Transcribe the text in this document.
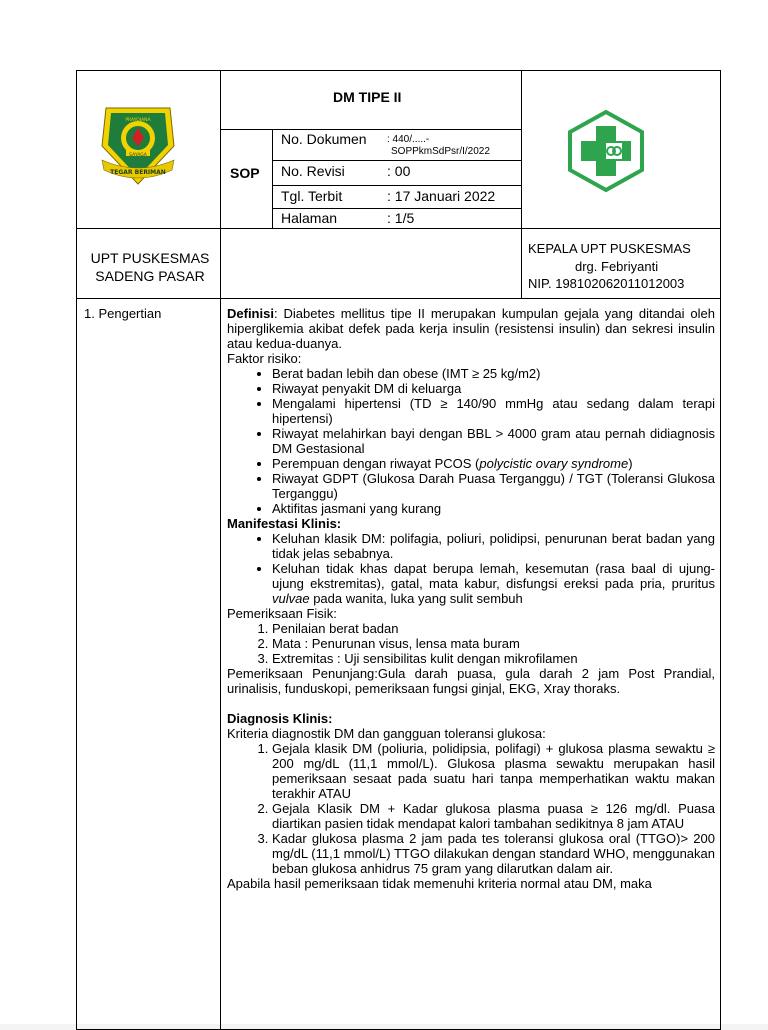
TEGAR BERIMAN
PRAYOJANA
SAYAGA
DM TIPE II
SOP
No. Dokumen : 440/.....-
SOPPkmSdPsr/I/2022
No. Revisi	: 00
Tgl. Terbit	: 17 Januari 2022
Halaman	: 1/5
UPT PUSKESMAS
SADENG PASAR
KEPALA UPT PUSKESMAS
drg. Febriyanti
NIP. 198102062011012003
1. Pengertian	Definisi: Diabetes mellitus tipe II merupakan kumpulan gejala yang ditandai oleh hiperglikemia akibat defek pada kerja insulin (resistensi insulin) dan sekresi insulin atau kedua-duanya.

Faktor risiko:

• Berat badan lebih dan obese (IMT ≥ 25 kg/m2)
• Riwayat penyakit DM di keluarga
• Mengalami hipertensi (TD ≥ 140/90 mmHg atau sedang dalam terapi hipertensi)
• Riwayat melahirkan bayi dengan BBL > 4000 gram atau pernah didiagnosis DM Gestasional
• Perempuan dengan riwayat PCOS (polycistic ovary syndrome)
• Riwayat GDPT (Glukosa Darah Puasa Terganggu) / TGT (Toleransi Glukosa Terganggu)
• Aktifitas jasmani yang kurang

Manifestasi Klinis:

• Keluhan klasik DM: polifagia, poliuri, polidipsi, penurunan berat badan yang tidak jelas sebabnya.
• Keluhan tidak khas dapat berupa lemah, kesemutan (rasa baal di ujung-ujung ekstremitas), gatal, mata kabur, disfungsi ereksi pada pria, pruritus vulvae pada wanita, luka yang sulit sembuh

Pemeriksaan Fisik:

1. Penilaian berat badan
2. Mata : Penurunan visus, lensa mata buram
3. Extremitas : Uji sensibilitas kulit dengan mikrofilamen

Pemeriksaan Penunjang:Gula darah puasa, gula darah 2 jam Post Prandial, urinalisis, funduskopi, pemeriksaan fungsi ginjal, EKG, Xray thoraks.

Diagnosis Klinis:

Kriteria diagnostik DM dan gangguan toleransi glukosa:

1. Gejala klasik DM (poliuria, polidipsia, polifagi) + glukosa plasma sewaktu ≥ 200 mg/dL (11,1 mmol/L). Glukosa plasma sewaktu merupakan hasil pemeriksaan sesaat pada suatu hari tanpa memperhatikan waktu makan terakhir ATAU
2. Gejala Klasik DM + Kadar glukosa plasma puasa ≥ 126 mg/dl. Puasa diartikan pasien tidak mendapat kalori tambahan sedikitnya 8 jam ATAU
3. Kadar glukosa plasma 2 jam pada tes toleransi glukosa oral (TTGO)> 200 mg/dL (11,1 mmol/L) TTGO dilakukan dengan standard WHO, menggunakan beban glukosa anhidrus 75 gram yang dilarutkan dalam air.

Apabila hasil pemeriksaan tidak memenuhi kriteria normal atau DM, maka
